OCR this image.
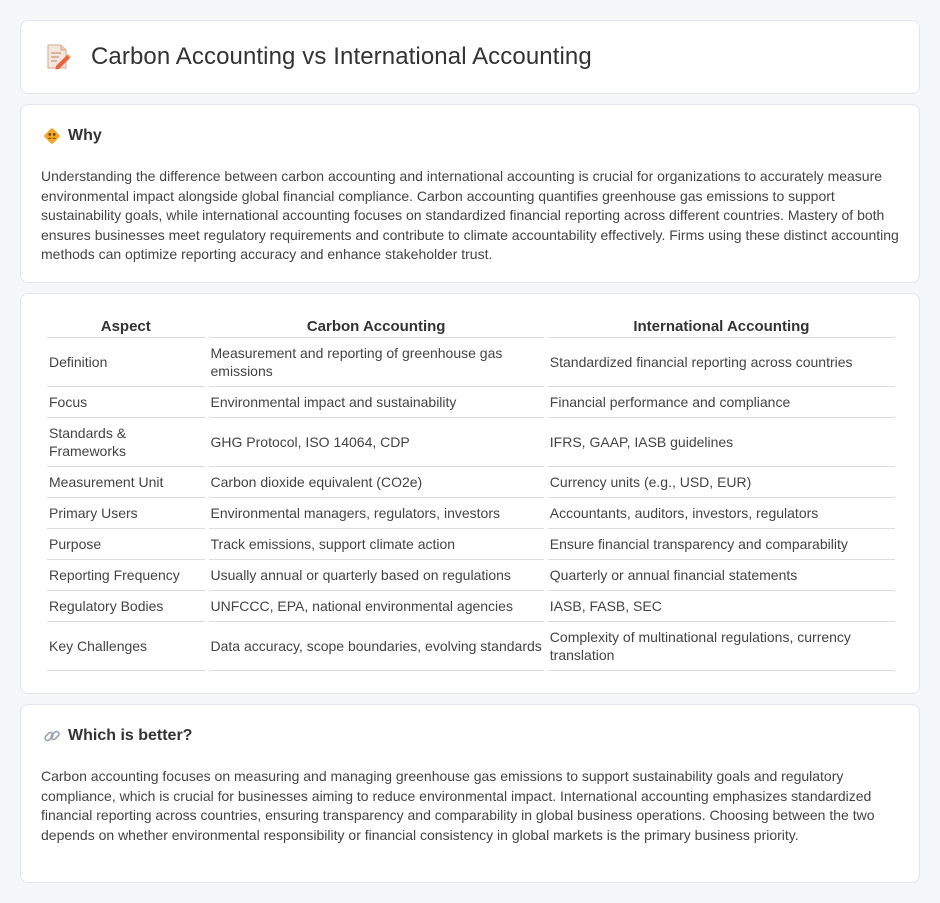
Carbon Accounting vs International Accounting
Why

Understanding the difference between carbon accounting and international accounting is crucial for organizations to accurately measure environmental impact alongside global financial compliance. Carbon accounting quantifies greenhouse gas emissions to support sustainability goals, while international accounting focuses on standardized financial reporting across different countries. Mastery of both ensures businesses meet regulatory requirements and contribute to climate accountability effectively. Firms using these distinct accounting methods can optimize reporting accuracy and enhance stakeholder trust.

Aspect	Carbon Accounting	International Accounting
Definition	Measurement and reporting of greenhouse gas emissions	Standardized financial reporting across countries
Focus	Environmental impact and sustainability	Financial performance and compliance
Standards & Frameworks	GHG Protocol, ISO 14064, CDP	IFRS, GAAP, IASB guidelines
Measurement Unit	Carbon dioxide equivalent (CO2e)	Currency units (e.g., USD, EUR)
Primary Users	Environmental managers, regulators, investors	Accountants, auditors, investors, regulators
Purpose	Track emissions, support climate action	Ensure financial transparency and comparability
Reporting Frequency	Usually annual or quarterly based on regulations	Quarterly or annual financial statements
Regulatory Bodies	UNFCCC, EPA, national environmental agencies	IASB, FASB, SEC
Key Challenges	Data accuracy, scope boundaries, evolving standards	Complexity of multinational regulations, currency translation
Which is better?

Carbon accounting focuses on measuring and managing greenhouse gas emissions to support sustainability goals and regulatory compliance, which is crucial for businesses aiming to reduce environmental impact. International accounting emphasizes standardized financial reporting across countries, ensuring transparency and comparability in global business operations. Choosing between the two depends on whether environmental responsibility or financial consistency in global markets is the primary business priority.
